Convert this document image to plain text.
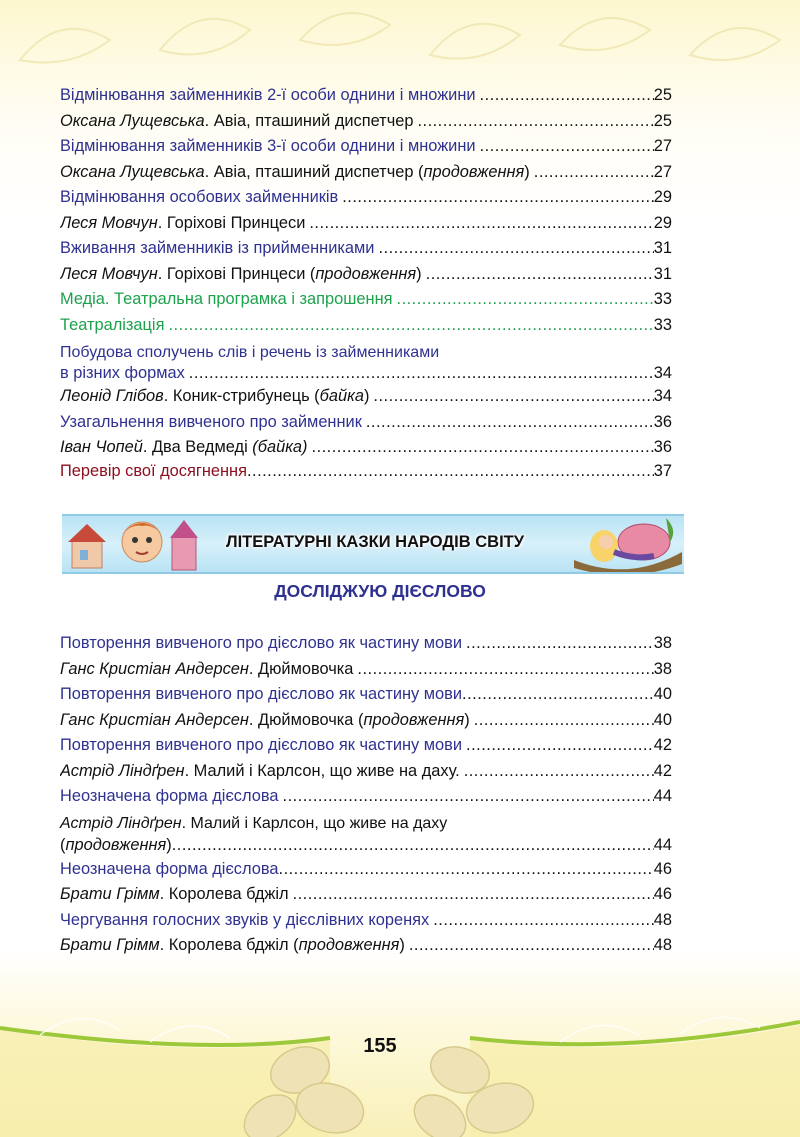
Відмінювання займенників 2-ї особи однини і множини .....	25
Оксана Лущевська. Авіа, пташиний диспетчер .....	25
Відмінювання займенників 3-ї особи однини і множини .....	27
Оксана Лущевська. Авіа, пташиний диспетчер (продовження) .....	27
Відмінювання особових займенників .....	29
Леся Мовчун. Горіхові Принцеси .....	29
Вживання займенників із прийменниками .....	31
Леся Мовчун. Горіхові Принцеси (продовження) .....	31
Медіа. Театральна програмка і запрошення .....	33
Театралізація .....	33
Побудова сполучень слів і речень із займенниками
в різних формах .....	34
Леонід Глібов. Коник-стрибунець (байка) .....	34
Узагальнення вивченого про займенник .....	36
Іван Чопей. Два Ведмеді (байка) .....	36
Перевір свої досягнення .....	37
ЛІТЕРАТУРНІ КАЗКИ НАРОДІВ СВІТУ
ДОСЛІДЖУЮ ДІЄСЛОВО
Повторення вивченого про дієслово як частину мови .....	38
Ганс Кристіан Андерсен. Дюймовочка .....	38
Повторення вивченого про дієслово як частину мови .....	40
Ганс Кристіан Андерсен. Дюймовочка (продовження) .....	40
Повторення вивченого про дієслово як частину мови .....	42
Астрід Ліндґрен. Малий і Карлсон, що живе на даху. .....	42
Неозначена форма дієслова .....	44
Астрід Ліндґрен. Малий і Карлсон, що живе на даху
(продовження) .....	44
Неозначена форма дієслова .....	46
Брати Грімм. Королева бджіл .....	46
Чергування голосних звуків у дієслівних коренях .....	48
Брати Грімм. Королева бджіл (продовження) .....	48
155
